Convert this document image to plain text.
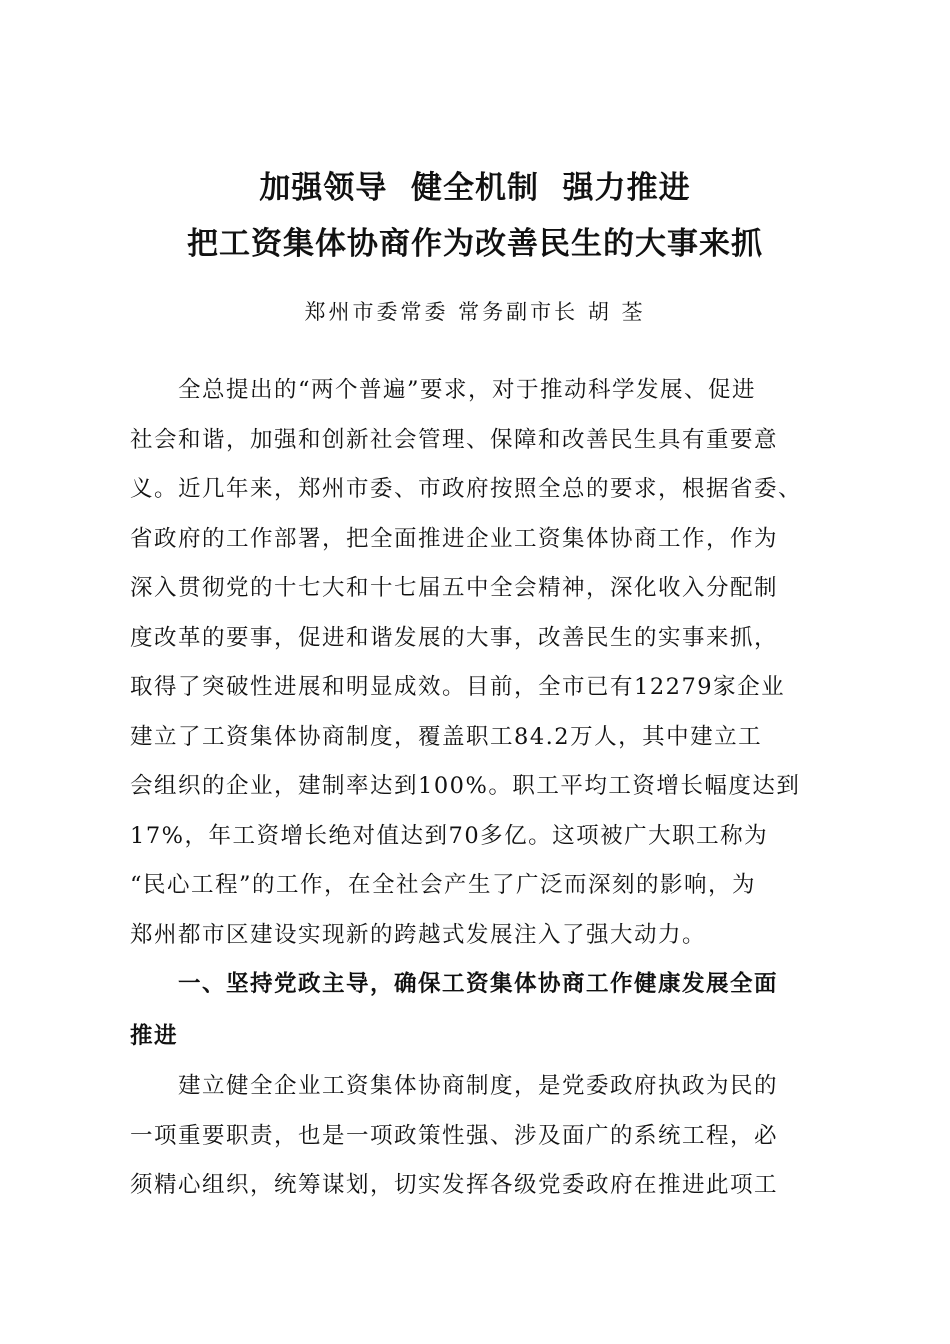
加强领导  健全机制  强力推进
把工资集体协商作为改善民生的大事来抓
郑州市委常委 常务副市长 胡 荃
全总提出的“两个普遍”要求，对于推动科学发展、促进
社会和谐，加强和创新社会管理、保障和改善民生具有重要意
义。近几年来，郑州市委、市政府按照全总的要求，根据省委、
省政府的工作部署，把全面推进企业工资集体协商工作，作为
深入贯彻党的十七大和十七届五中全会精神，深化收入分配制
度改革的要事，促进和谐发展的大事，改善民生的实事来抓，
取得了突破性进展和明显成效。目前，全市已有12279家企业
建立了工资集体协商制度，覆盖职工84.2万人，其中建立工
会组织的企业，建制率达到100%。职工平均工资增长幅度达到
17%，年工资增长绝对值达到70多亿。这项被广大职工称为
“民心工程”的工作，在全社会产生了广泛而深刻的影响，为
郑州都市区建设实现新的跨越式发展注入了强大动力。
一、坚持党政主导，确保工资集体协商工作健康发展全面
推进
建立健全企业工资集体协商制度，是党委政府执政为民的
一项重要职责，也是一项政策性强、涉及面广的系统工程，必
须精心组织，统筹谋划，切实发挥各级党委政府在推进此项工
